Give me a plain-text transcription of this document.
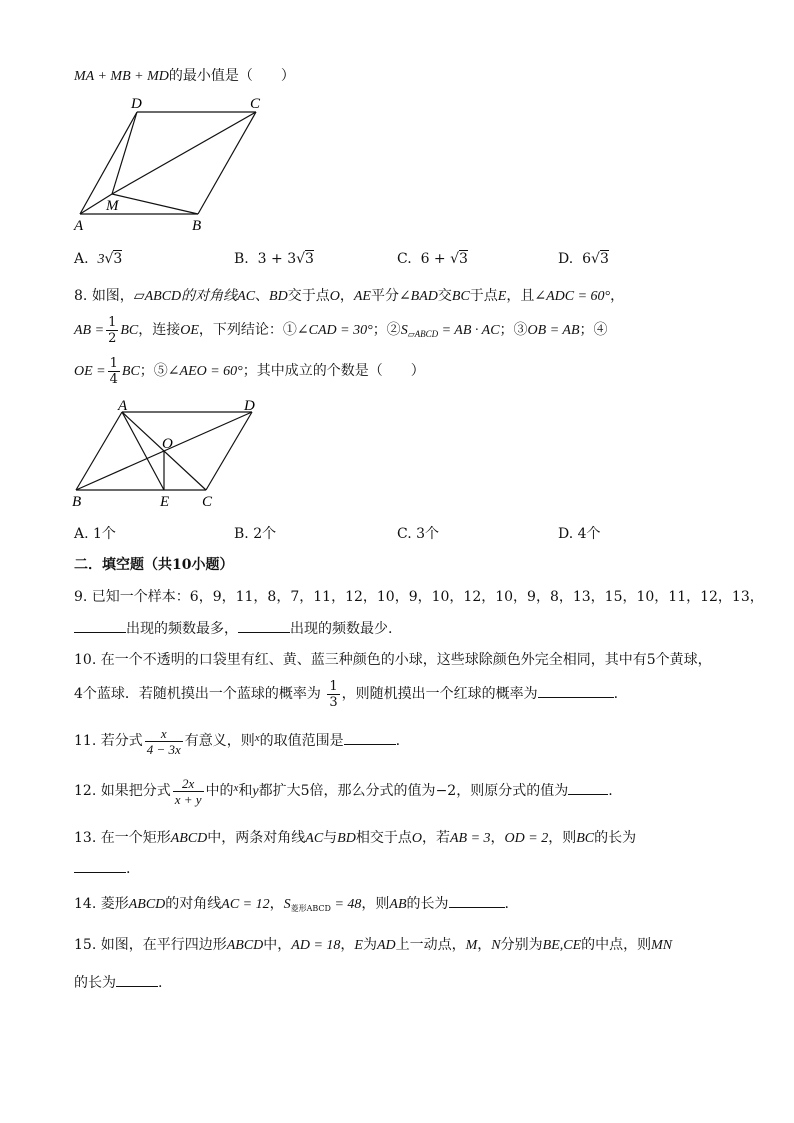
MA + MB + MD的最小值是（　　）
D	C
A	B
M
A. 3√3	B. 3 + 3√3	C. 6 + √3	D. 6√3
8. 如图，▱ABCD的对角线AC、BD交于点O，AE平分∠BAD交BC于点E，且∠ADC = 60°，
AB = $\frac{1}{2}$ BC，连接OE，下列结论：①∠CAD = 30°；$②S_{▱ABCD}$ = AB · AC；③OB = AB；④
OE = $\frac{1}{4}$ BC；⑤∠AEO = 60°；其中成立的个数是（　　）
A	D
O
B	E C
A. 1个	B. 2个	C. 3个	D. 4个
二．填空题（共10小题）
9. 已知一个样本：6，9，11，8，7，11，12，10，9，10，12，10，9，8，13，15，10，11，12，13，
出现的频数最多，	出现的频数最少.
10. 在一个不透明的口袋里有红、黄、蓝三种颜色的小球，这些球除颜色外完全相同，其中有5个黄球，
4个蓝球．若随机摸出一个蓝球的概率为 $\frac{1}{3}$ ，则随机摸出一个红球的概率为	.
11. 若分式 $\frac{x}{4 - 3x}$ 有意义，则$^x$的取值范围是	.
12. 如果把分式 $\frac{2x}{x + y}$ 中的$^x$和y都扩大5倍，那么分式的值为−2，则原分式的值为	.
13. 在一个矩形ABCD中，两条对角线AC与BD相交于点O，若AB = 3，OD = 2，则BC的长为
.
14. 菱形ABCD的对角线AC = 12，$S_{菱形ABCD} = 48$，则AB的长为	.
15. 如图，在平行四边形ABCD中，AD = 18，E为AD上一动点，M，N分别为BE,CE的中点，则MN
的长为	.
